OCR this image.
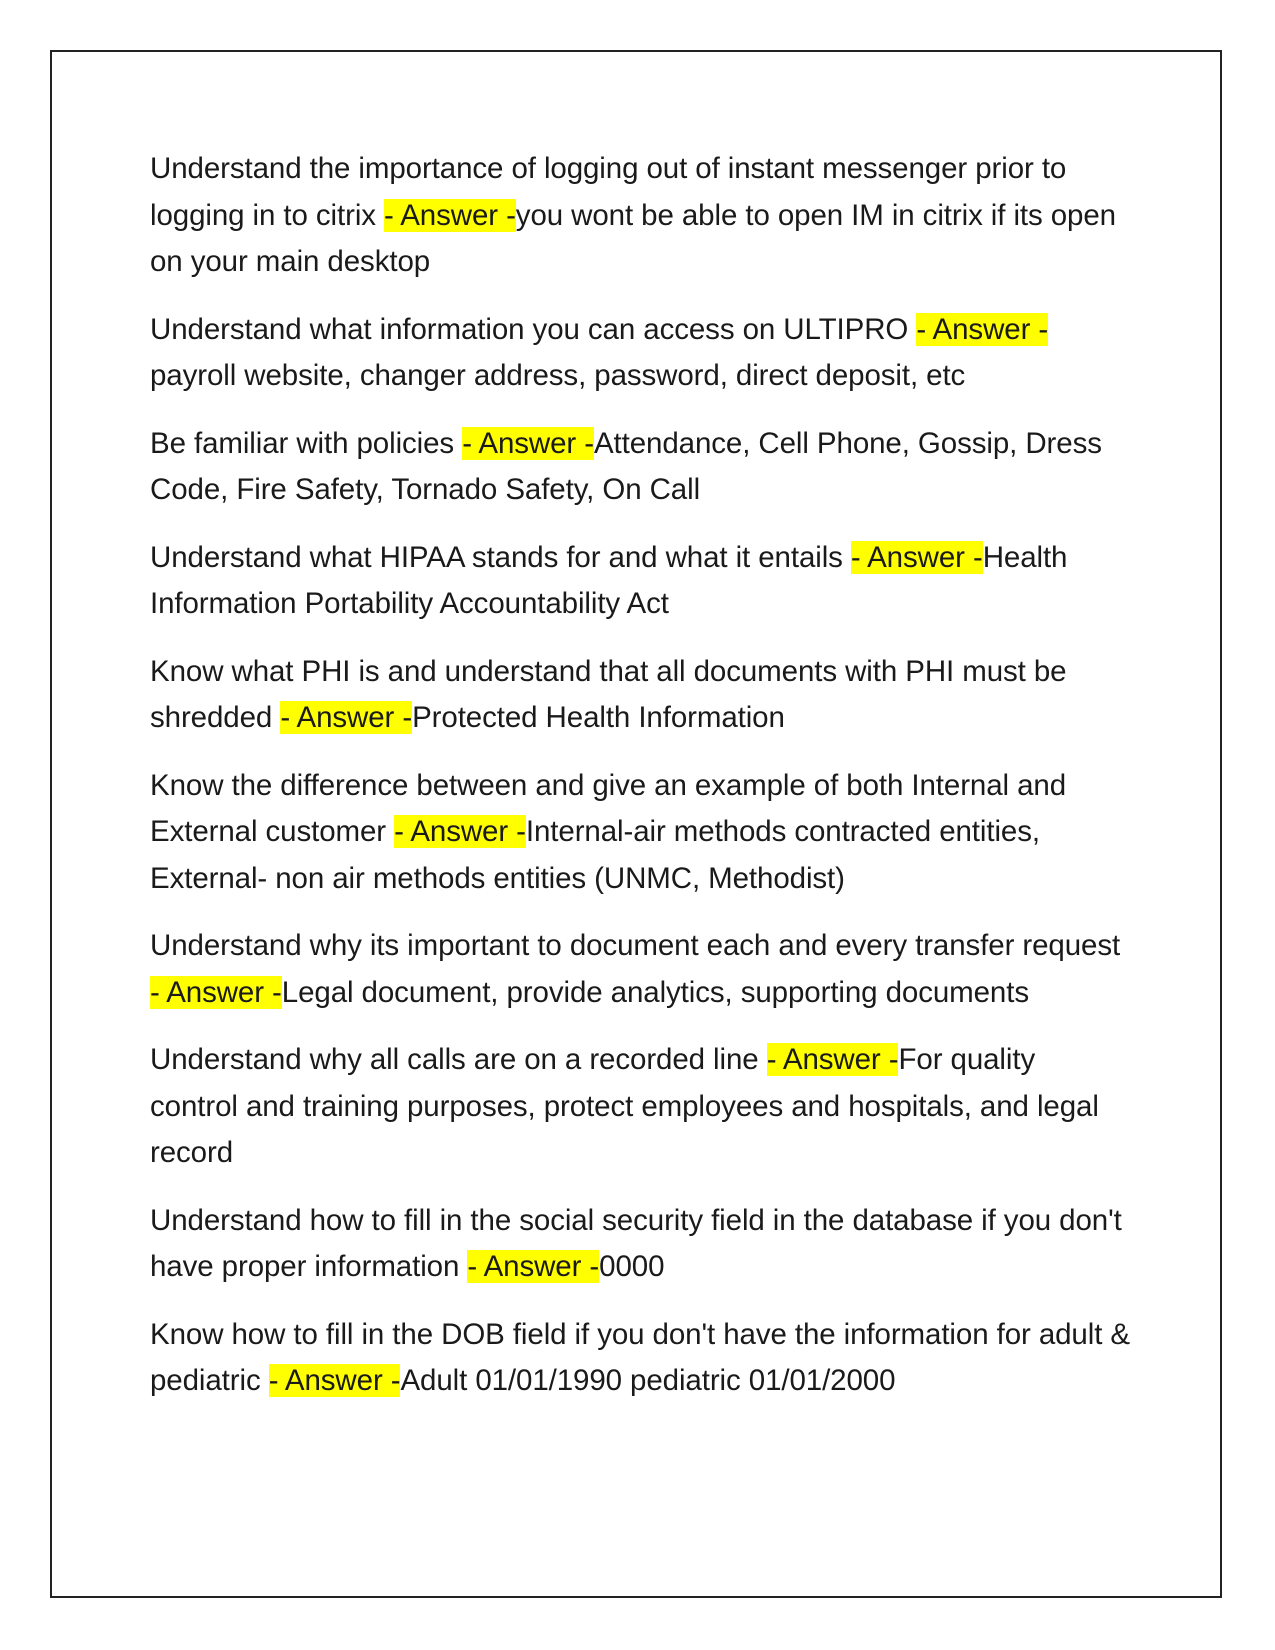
Understand the importance of logging out of instant messenger prior to logging in to citrix - Answer -you wont be able to open IM in citrix if its open on your main desktop

Understand what information you can access on ULTIPRO - Answer -payroll website, changer address, password, direct deposit, etc

Be familiar with policies - Answer -Attendance, Cell Phone, Gossip, Dress Code, Fire Safety, Tornado Safety, On Call

Understand what HIPAA stands for and what it entails - Answer -Health Information Portability Accountability Act

Know what PHI is and understand that all documents with PHI must be shredded - Answer -Protected Health Information

Know the difference between and give an example of both Internal and External customer - Answer -Internal-air methods contracted entities, External- non air methods entities (UNMC, Methodist)

Understand why its important to document each and every transfer request - Answer -Legal document, provide analytics, supporting documents

Understand why all calls are on a recorded line - Answer -For quality control and training purposes, protect employees and hospitals, and legal record

Understand how to fill in the social security field in the database if you don't have proper information - Answer -0000

Know how to fill in the DOB field if you don't have the information for adult & pediatric - Answer -Adult 01/01/1990 pediatric 01/01/2000
